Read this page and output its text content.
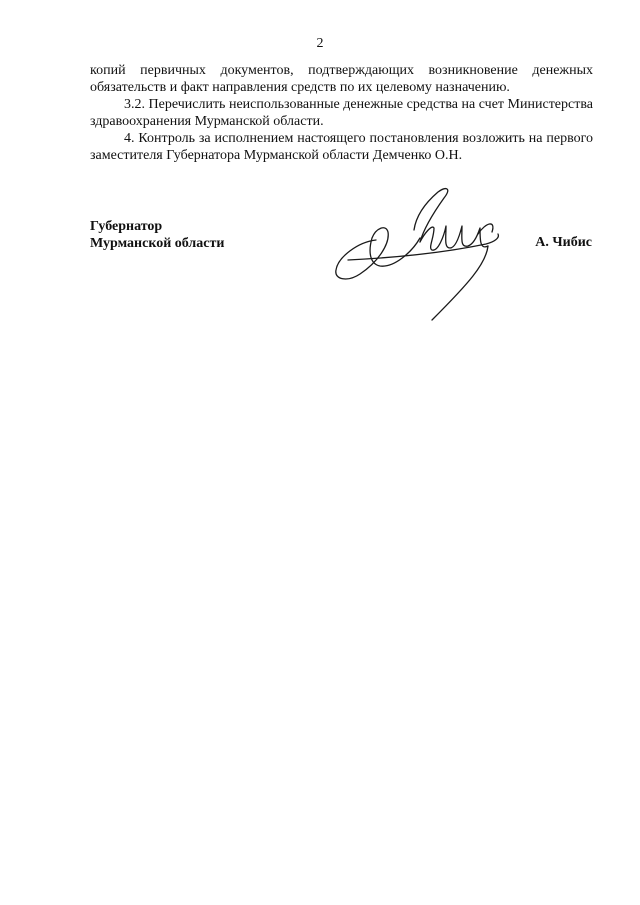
2

копий первичных документов, подтверждающих возникновение денежных обязательств и факт направления средств по их целевому назначению.

3.2. Перечислить неиспользованные денежные средства на счет Министерства здравоохранения Мурманской области.

4. Контроль за исполнением настоящего постановления возложить на первого заместителя Губернатора Мурманской области Демченко О.Н.

Губернатор
Мурманской области	А. Чибис
